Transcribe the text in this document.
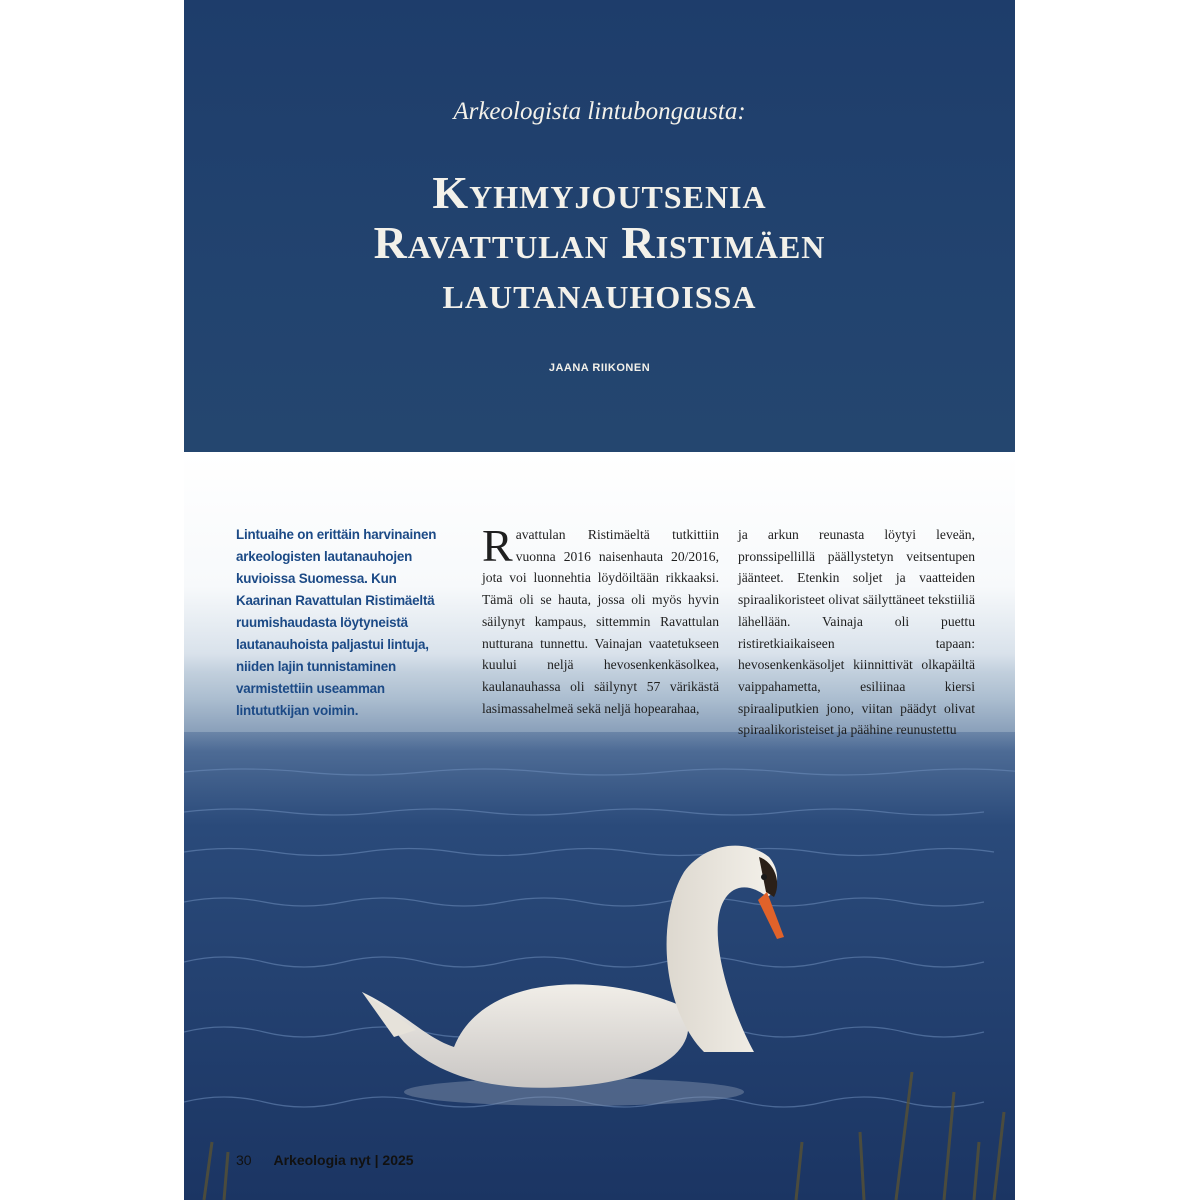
Arkeologista lintubongausta:
Kyhmyjoutsenia
Ravattulan Ristimäen
lautanauhoissa
JAANA RIIKONEN
Lintuaihe on erittäin harvinainen arkeologisten lautanauhojen kuvioissa Suomessa. Kun Kaarinan Ravattulan Ristimäeltä ruumishaudasta löytyneistä lautanauhoista paljastui lintuja, niiden lajin tunnistaminen varmistettiin useamman lintututkijan voimin.
Ravattulan Ristimäeltä tutkittiin vuonna 2016 naisenhauta 20/2016, jota voi luonnehtia löydöiltään rikkaaksi. Tämä oli se hauta, jossa oli myös hyvin säilynyt kampaus, sittemmin Ravattulan nutturana tunnettu. Vainajan vaatetukseen kuului neljä hevosenkenkäsolkea, kaulanauhassa oli säilynyt 57 värikästä lasimassahelmeä sekä neljä hopearahaa,
ja arkun reunasta löytyi leveän, pronssipellillä päällystetyn veitsentupen jäänteet. Etenkin soljet ja vaatteiden spiraalikoristeet olivat säilyttäneet tekstiiliä lähellään. Vainaja oli puettu ristiretkiaikaiseen tapaan: hevosenkenkäsoljet kiinnittivät olkapäiltä vaippahametta, esiliinaa kiersi spiraaliputkien jono, viitan päädyt olivat spiraalikoristeiset ja päähine reunustettu
30 Arkeologia nyt | 2025
